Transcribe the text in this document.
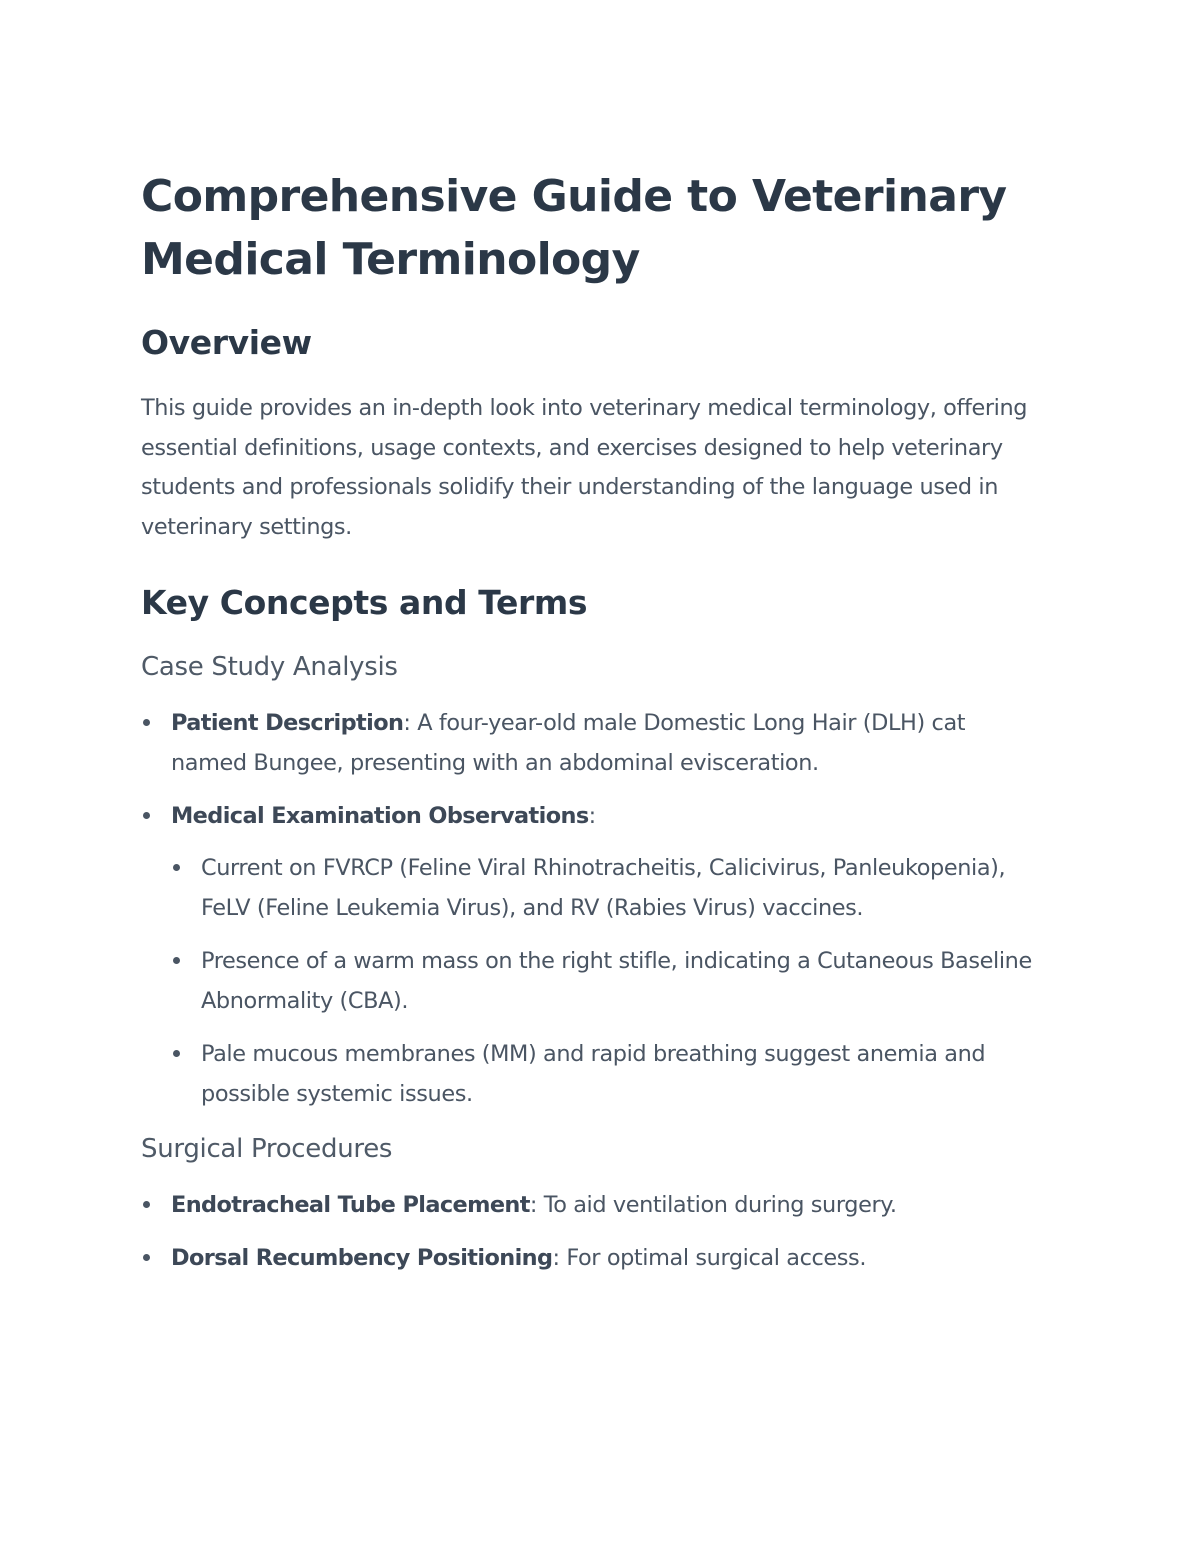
Comprehensive Guide to Veterinary Medical Terminology
Overview

This guide provides an in-depth look into veterinary medical terminology, offering essential definitions, usage contexts, and exercises designed to help veterinary students and professionals solidify their understanding of the language used in veterinary settings.

Key Concepts and Terms
Case Study Analysis
Patient Description: A four-year-old male Domestic Long Hair (DLH) cat named Bungee, presenting with an abdominal evisceration.
Medical Examination Observations:
Current on FVRCP (Feline Viral Rhinotracheitis, Calicivirus, Panleukopenia), FeLV (Feline Leukemia Virus), and RV (Rabies Virus) vaccines.
Presence of a warm mass on the right stifle, indicating a Cutaneous Baseline Abnormality (CBA).
Pale mucous membranes (MM) and rapid breathing suggest anemia and possible systemic issues.
Surgical Procedures
Endotracheal Tube Placement: To aid ventilation during surgery.
Dorsal Recumbency Positioning: For optimal surgical access.
